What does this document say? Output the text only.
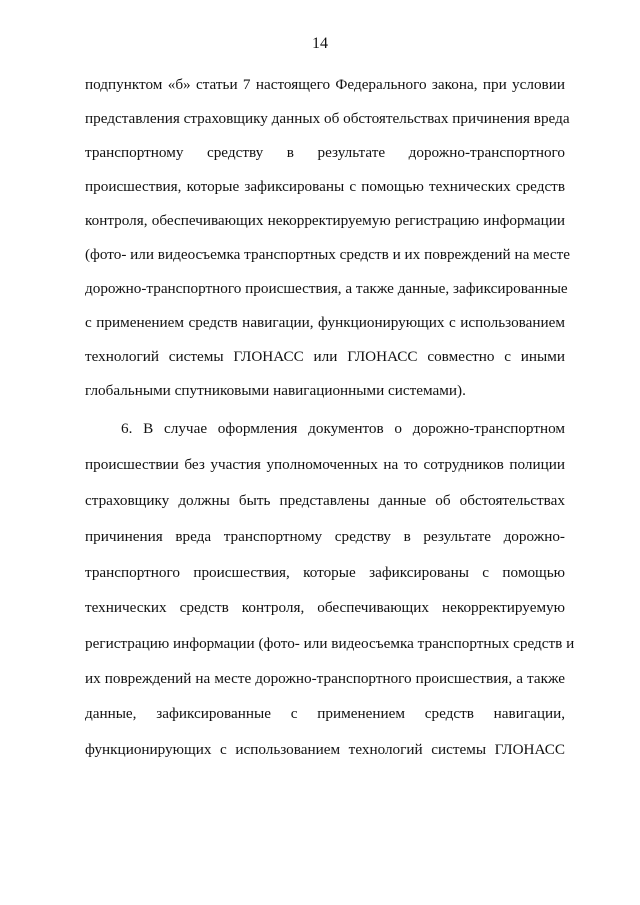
14
подпунктом «б» статьи 7 настоящего Федерального закона, при условии
представления страховщику данных об обстоятельствах причинения вреда
транспортному средству в результате дорожно-транспортного
происшествия, которые зафиксированы с помощью технических средств
контроля, обеспечивающих некорректируемую регистрацию информации
(фото- или видеосъемка транспортных средств и их повреждений на месте
дорожно-транспортного происшествия, а также данные, зафиксированные
с применением средств навигации, функционирующих с использованием
технологий системы ГЛОНАСС или ГЛОНАСС совместно с иными
глобальными спутниковыми навигационными системами).
6. В случае оформления документов о дорожно-транспортном
происшествии без участия уполномоченных на то сотрудников полиции
страховщику должны быть представлены данные об обстоятельствах
причинения вреда транспортному средству в результате дорожно-
транспортного происшествия, которые зафиксированы с помощью
технических средств контроля, обеспечивающих некорректируемую
регистрацию информации (фото- или видеосъемка транспортных средств и
их повреждений на месте дорожно-транспортного происшествия, а также
данные, зафиксированные с применением средств навигации,
функционирующих с использованием технологий системы ГЛОНАСС
